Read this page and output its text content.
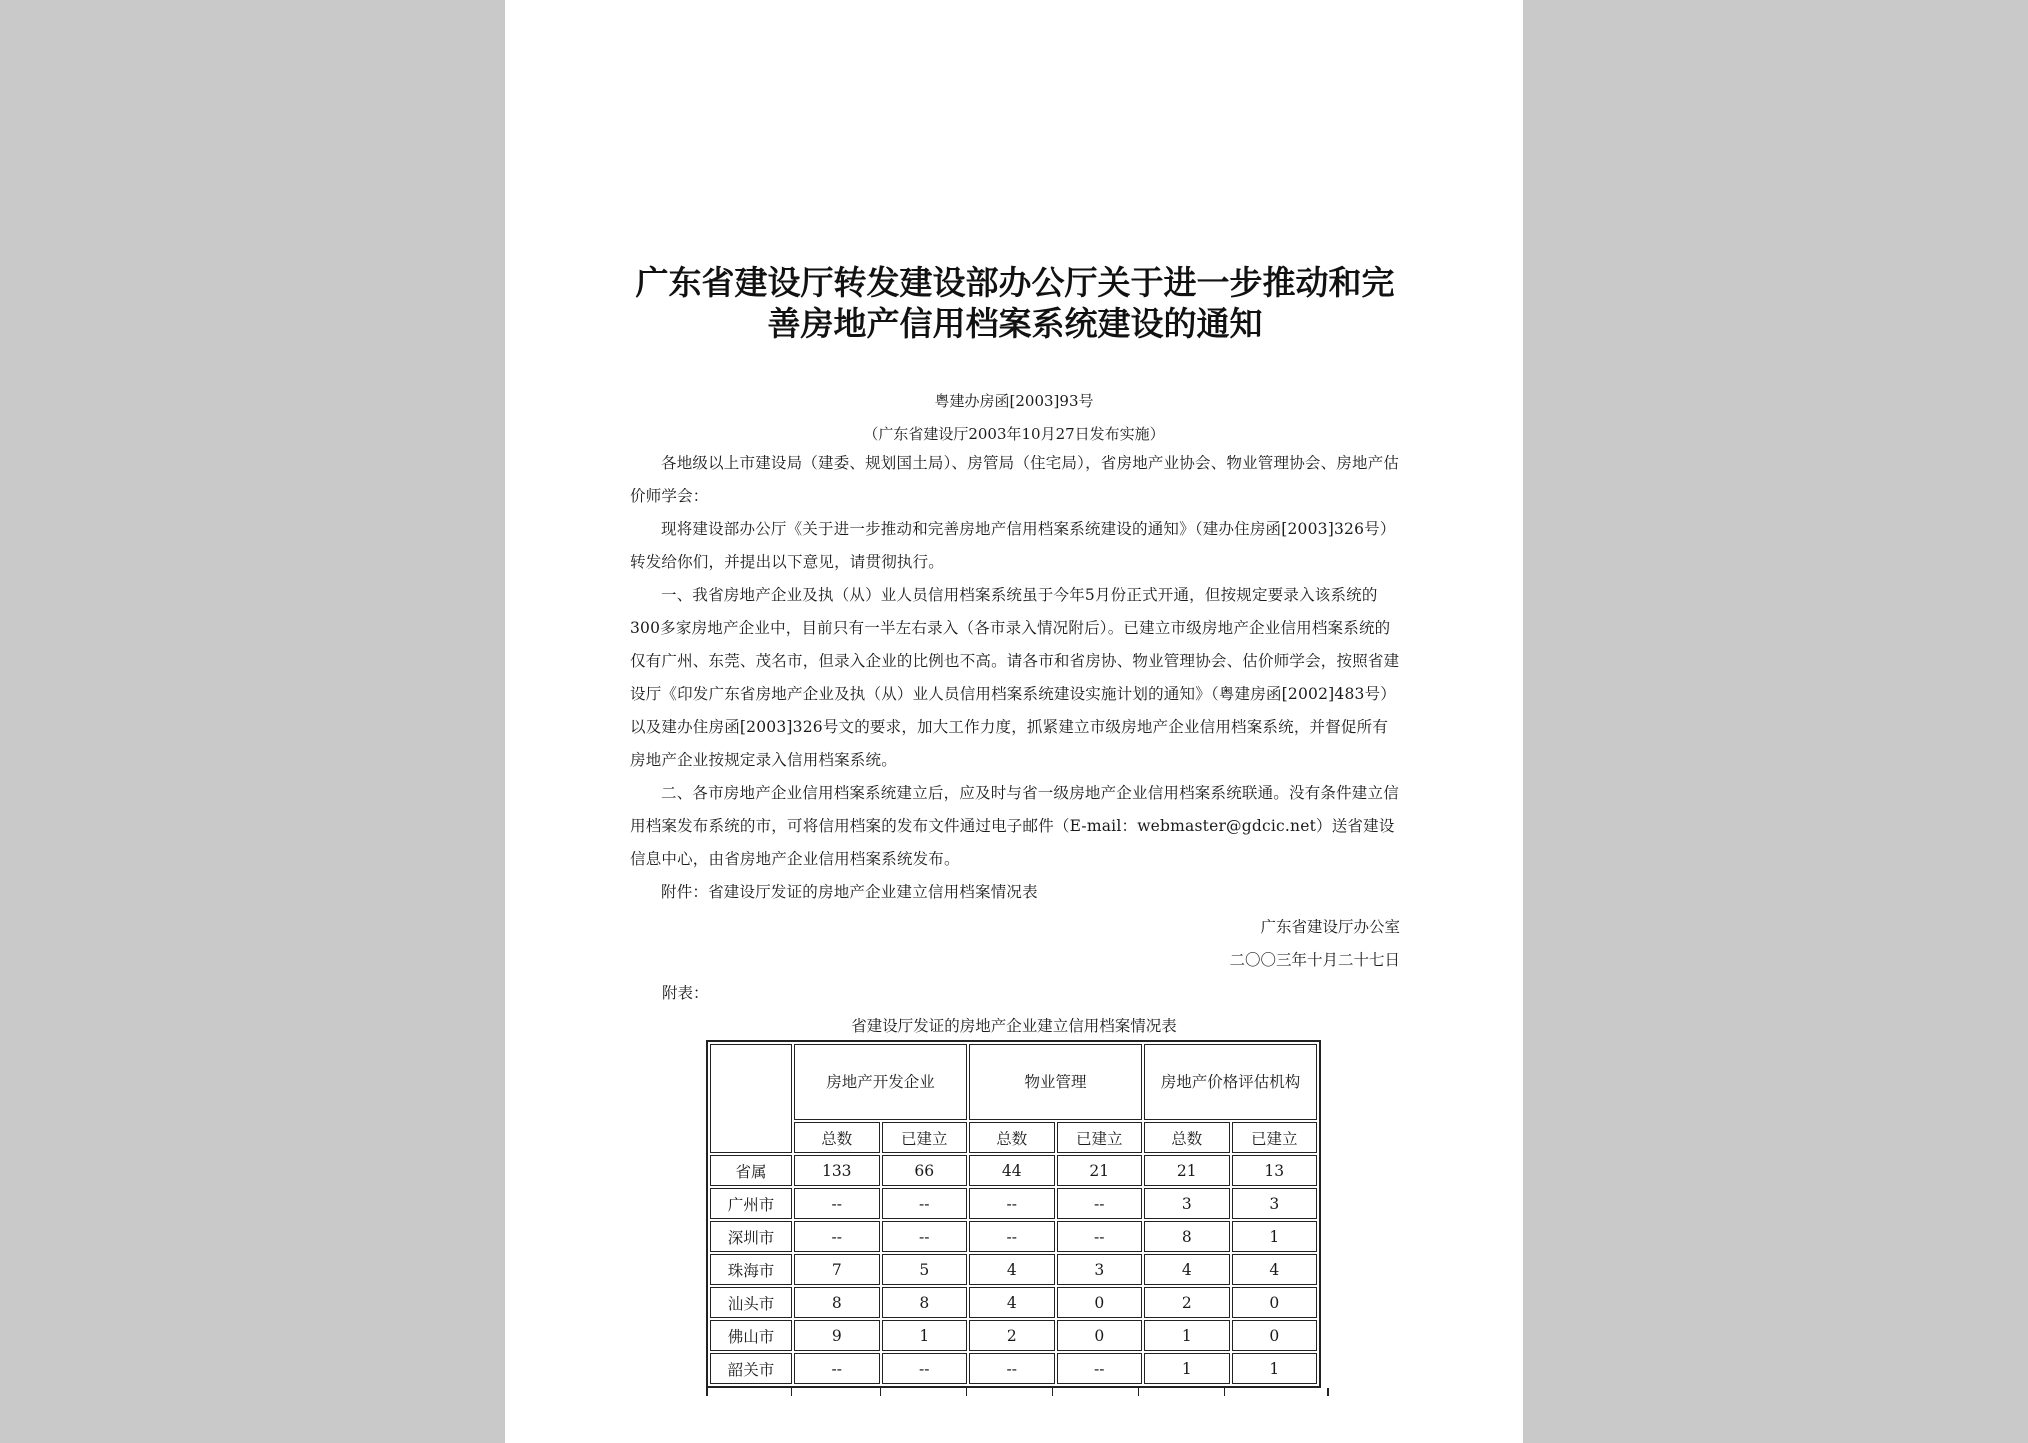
广东省建设厅转发建设部办公厅关于进一步推动和完
善房地产信用档案系统建设的通知
粤建办房函[2003]93号
（广东省建设厅2003年10月27日发布实施）

各地级以上市建设局（建委、规划国土局）、房管局（住宅局），省房地产业协会、物业管理协会、房地产估价师学会：

现将建设部办公厅《关于进一步推动和完善房地产信用档案系统建设的通知》（建办住房函[2003]326号）转发给你们，并提出以下意见，请贯彻执行。

一、我省房地产企业及执（从）业人员信用档案系统虽于今年5月份正式开通，但按规定要录入该系统的300多家房地产企业中，目前只有一半左右录入（各市录入情况附后）。已建立市级房地产企业信用档案系统的仅有广州、东莞、茂名市，但录入企业的比例也不高。请各市和省房协、物业管理协会、估价师学会，按照省建设厅《印发广东省房地产企业及执（从）业人员信用档案系统建设实施计划的通知》（粤建房函[2002]483号）以及建办住房函[2003]326号文的要求，加大工作力度，抓紧建立市级房地产企业信用档案系统，并督促所有房地产企业按规定录入信用档案系统。

二、各市房地产企业信用档案系统建立后，应及时与省一级房地产企业信用档案系统联通。没有条件建立信用档案发布系统的市，可将信用档案的发布文件通过电子邮件（E-mail：webmaster@gdcic.net）送省建设信息中心，由省房地产企业信用档案系统发布。

附件：省建设厅发证的房地产企业建立信用档案情况表

广东省建设厅办公室
二〇〇三年十月二十七日
附表：
省建设厅发证的房地产企业建立信用档案情况表
	房地产开发企业		物业管理		房地产价格评估机构	
	总数	已建立	总数	已建立	总数	已建立
省属	133	66	44	21	21	13
广州市	--	--	--	--	3	3
深圳市	--	--	--	--	8	1
珠海市	7	5	4	3	4	4
汕头市	8	8	4	0	2	0
佛山市	9	1	2	0	1	0
韶关市	--	--	--	--	1	1
